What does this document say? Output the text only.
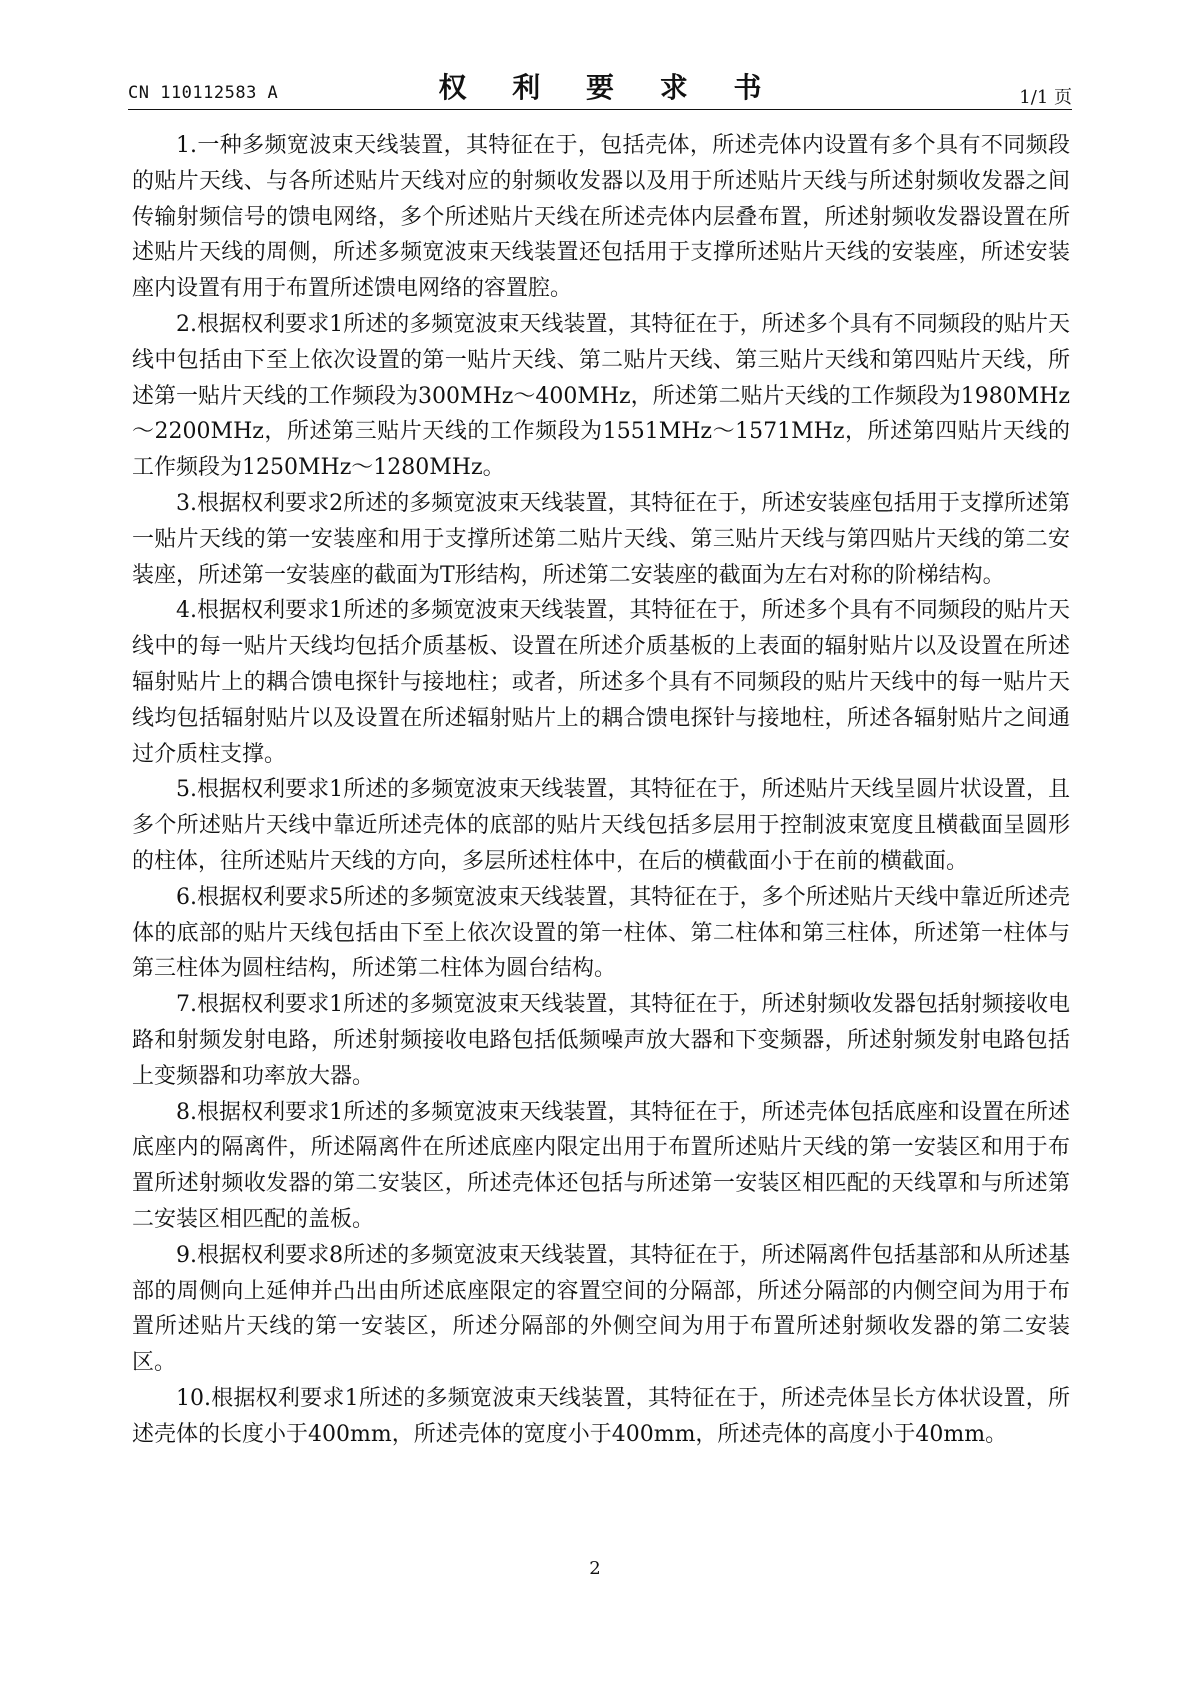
CN 110112583 A	权 利 要 求 书	1/1 页

1.一种多频宽波束天线装置，其特征在于，包括壳体，所述壳体内设置有多个具有不同频段的贴片天线、与各所述贴片天线对应的射频收发器以及用于所述贴片天线与所述射频收发器之间传输射频信号的馈电网络，多个所述贴片天线在所述壳体内层叠布置，所述射频收发器设置在所述贴片天线的周侧，所述多频宽波束天线装置还包括用于支撑所述贴片天线的安装座，所述安装座内设置有用于布置所述馈电网络的容置腔。

2.根据权利要求1所述的多频宽波束天线装置，其特征在于，所述多个具有不同频段的贴片天线中包括由下至上依次设置的第一贴片天线、第二贴片天线、第三贴片天线和第四贴片天线，所述第一贴片天线的工作频段为300MHz～400MHz，所述第二贴片天线的工作频段为1980MHz～2200MHz，所述第三贴片天线的工作频段为1551MHz～1571MHz，所述第四贴片天线的工作频段为1250MHz～1280MHz。

3.根据权利要求2所述的多频宽波束天线装置，其特征在于，所述安装座包括用于支撑所述第一贴片天线的第一安装座和用于支撑所述第二贴片天线、第三贴片天线与第四贴片天线的第二安装座，所述第一安装座的截面为T形结构，所述第二安装座的截面为左右对称的阶梯结构。

4.根据权利要求1所述的多频宽波束天线装置，其特征在于，所述多个具有不同频段的贴片天线中的每一贴片天线均包括介质基板、设置在所述介质基板的上表面的辐射贴片以及设置在所述辐射贴片上的耦合馈电探针与接地柱；或者，所述多个具有不同频段的贴片天线中的每一贴片天线均包括辐射贴片以及设置在所述辐射贴片上的耦合馈电探针与接地柱，所述各辐射贴片之间通过介质柱支撑。

5.根据权利要求1所述的多频宽波束天线装置，其特征在于，所述贴片天线呈圆片状设置，且多个所述贴片天线中靠近所述壳体的底部的贴片天线包括多层用于控制波束宽度且横截面呈圆形的柱体，往所述贴片天线的方向，多层所述柱体中，在后的横截面小于在前的横截面。

6.根据权利要求5所述的多频宽波束天线装置，其特征在于，多个所述贴片天线中靠近所述壳体的底部的贴片天线包括由下至上依次设置的第一柱体、第二柱体和第三柱体，所述第一柱体与第三柱体为圆柱结构，所述第二柱体为圆台结构。

7.根据权利要求1所述的多频宽波束天线装置，其特征在于，所述射频收发器包括射频接收电路和射频发射电路，所述射频接收电路包括低频噪声放大器和下变频器，所述射频发射电路包括上变频器和功率放大器。

8.根据权利要求1所述的多频宽波束天线装置，其特征在于，所述壳体包括底座和设置在所述底座内的隔离件，所述隔离件在所述底座内限定出用于布置所述贴片天线的第一安装区和用于布置所述射频收发器的第二安装区，所述壳体还包括与所述第一安装区相匹配的天线罩和与所述第二安装区相匹配的盖板。

9.根据权利要求8所述的多频宽波束天线装置，其特征在于，所述隔离件包括基部和从所述基部的周侧向上延伸并凸出由所述底座限定的容置空间的分隔部，所述分隔部的内侧空间为用于布置所述贴片天线的第一安装区，所述分隔部的外侧空间为用于布置所述射频收发器的第二安装区。

10.根据权利要求1所述的多频宽波束天线装置，其特征在于，所述壳体呈长方体状设置，所述壳体的长度小于400mm，所述壳体的宽度小于400mm，所述壳体的高度小于40mm。

2
